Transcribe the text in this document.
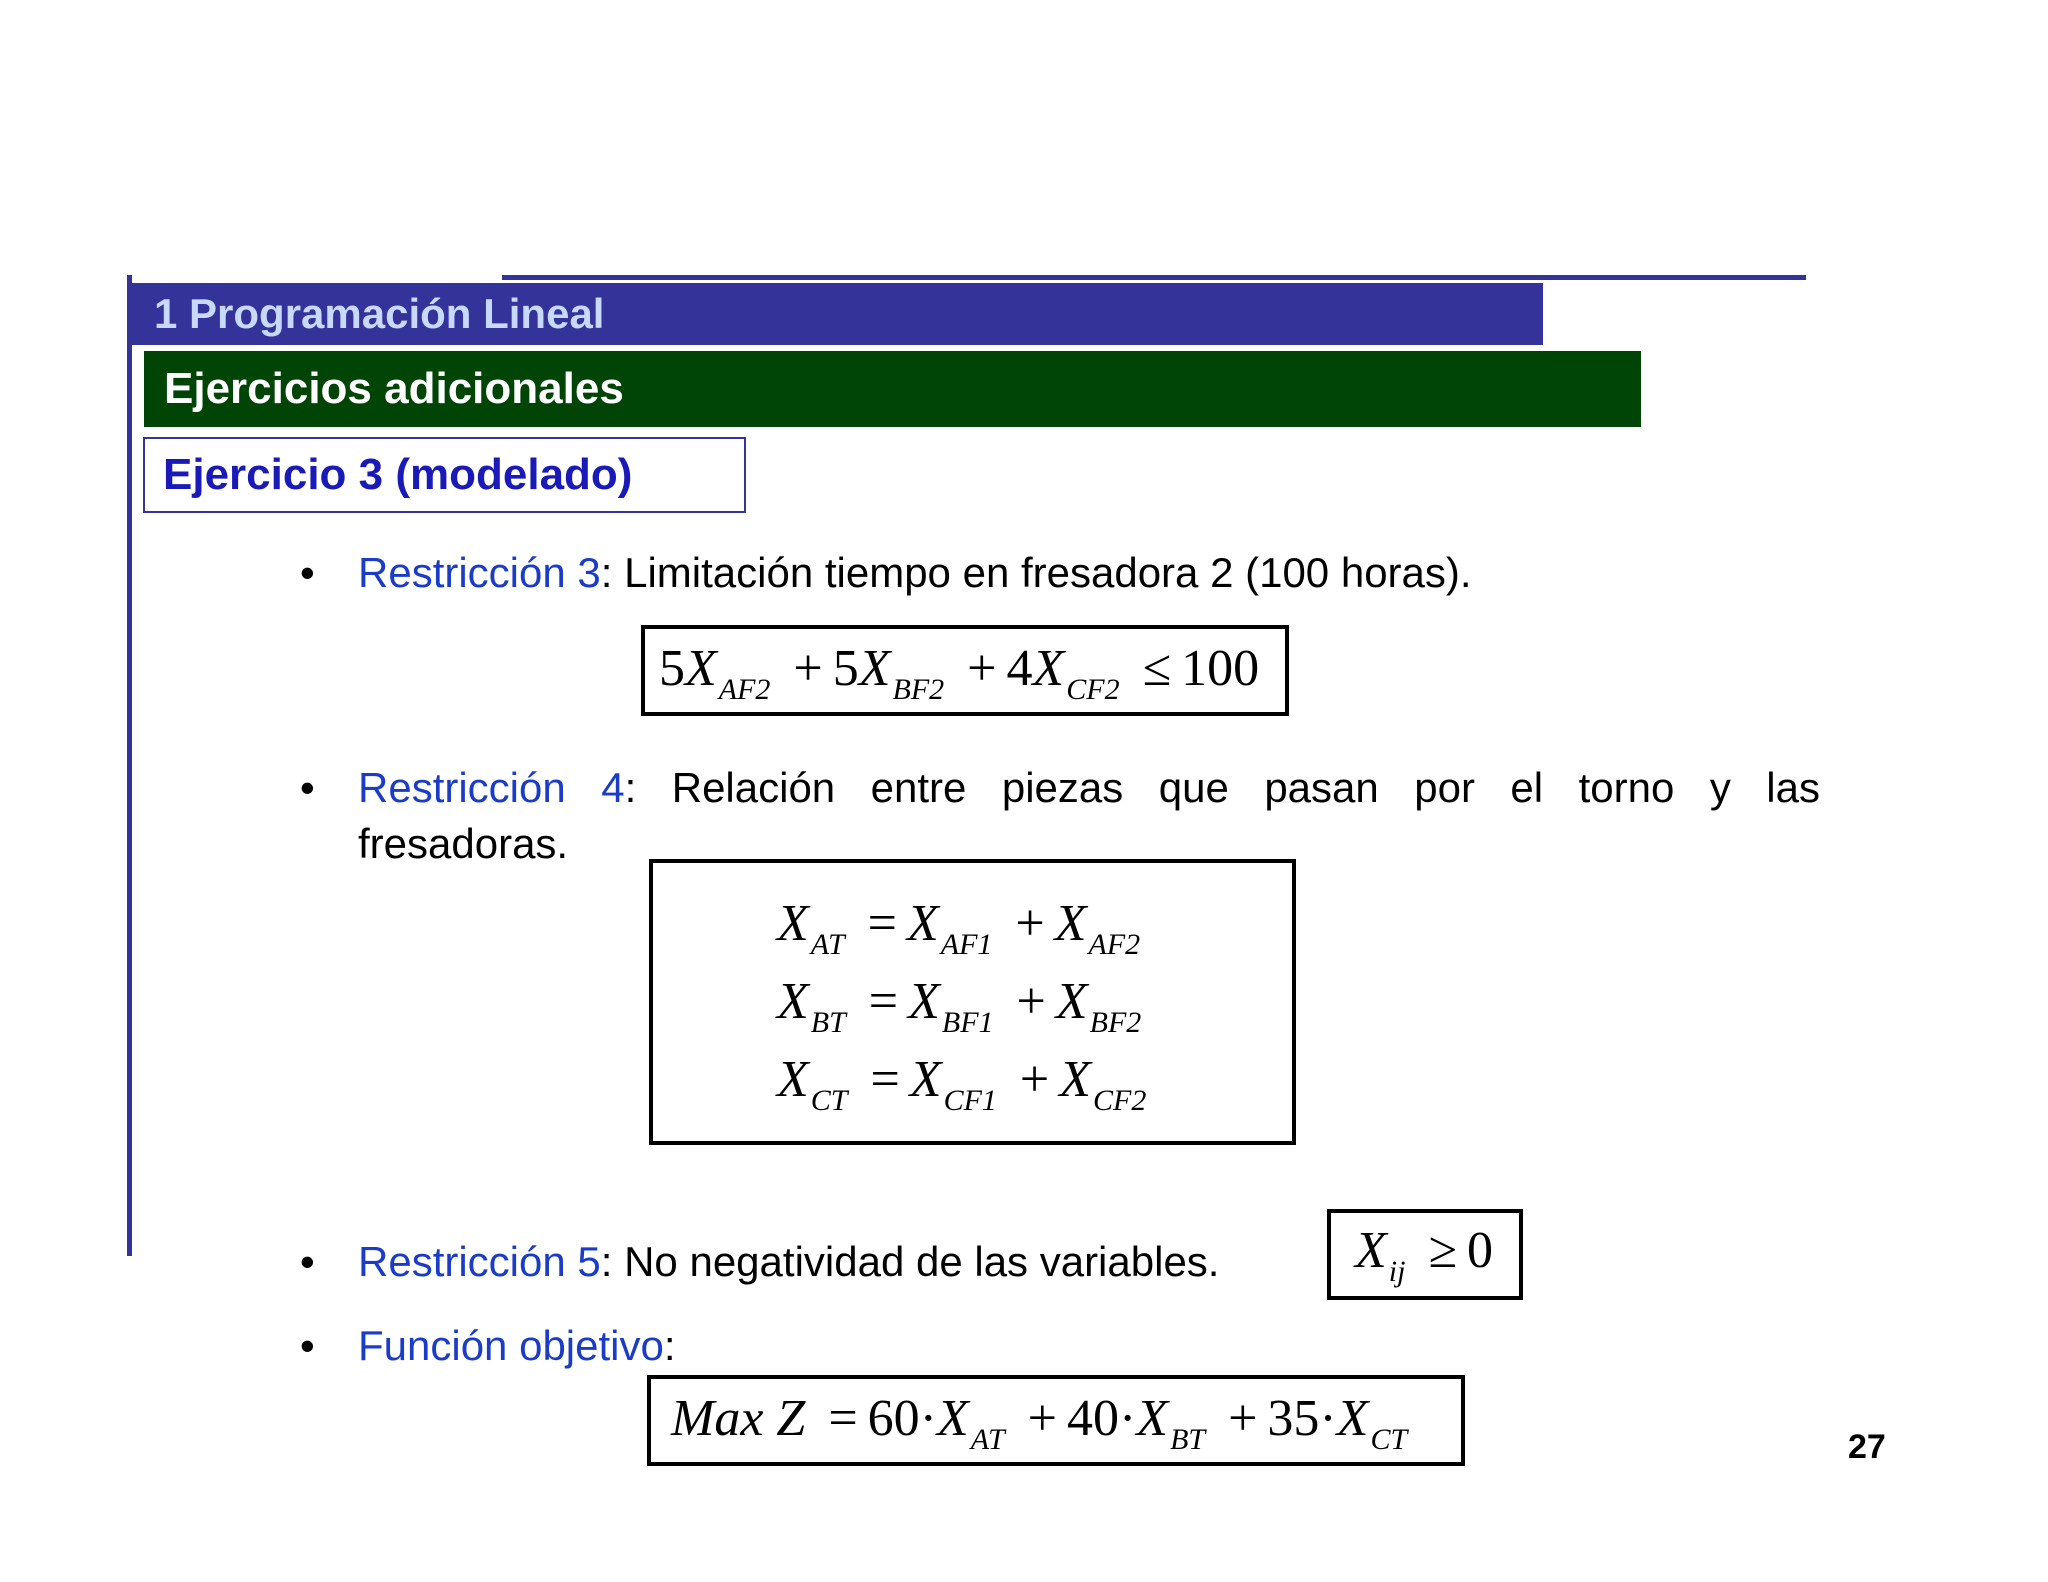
1 Programación Lineal
Ejercicios adicionales
Ejercicio 3 (modelado)
• Restricción 3: Limitación tiempo en fresadora 2 (100 horas).
$5X_{AF2} + 5X_{BF2} + 4X_{CF2} \le 100$
• Restricción 4: Relación entre piezas que pasan por el torno y las
fresadoras.
$X_{AT} = X_{AF1} + X_{AF2}$
$X_{BT} = X_{BF1} + X_{BF2}$
$X_{CT} = X_{CF1} + X_{CF2}$
• Restricción 5: No negatividad de las variables.	$X_{ij} \ge 0$
• Función objetivo:
Max $Z = 60\cdot X_{AT} + 40\cdot X_{BT} + 35\cdot X_{CT}$	27
